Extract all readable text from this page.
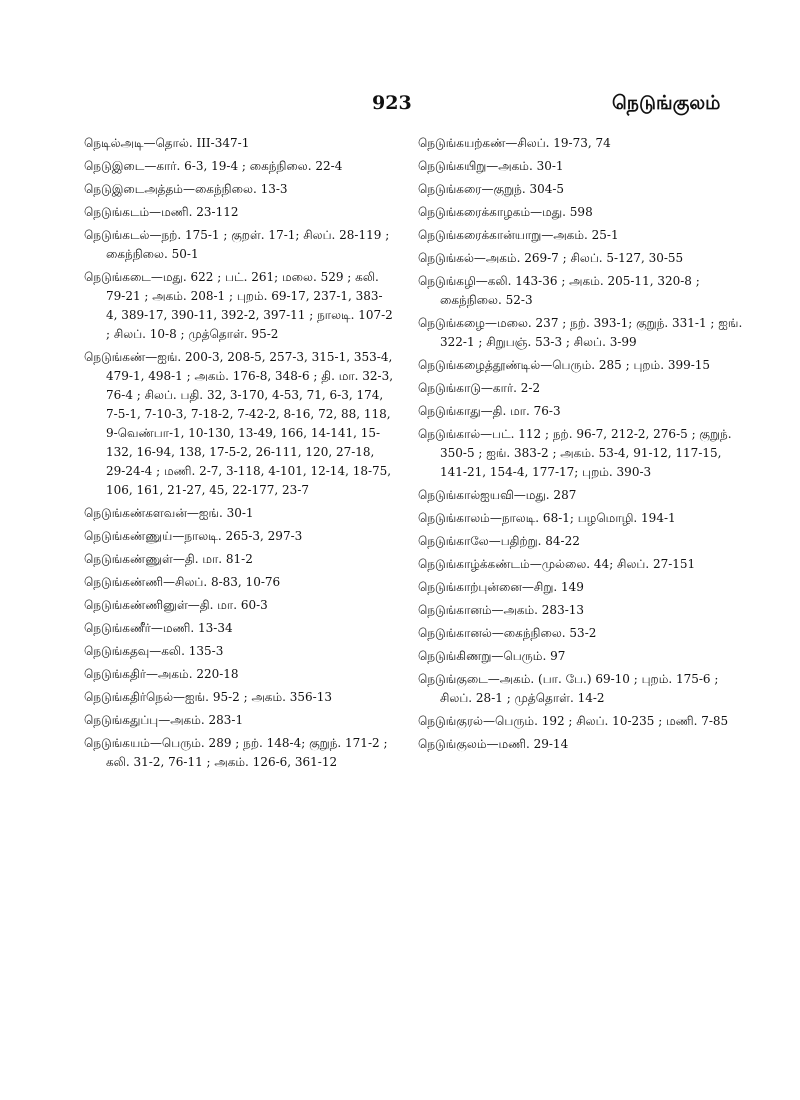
923	நெடுங்குலம்
நெடில்அடி—தொல். III-347-1
நெடுஇடை—கார். 6-3, 19-4 ; கைந்நிலை. 22-4
நெடுஇடைஅத்தம்—கைந்நிலை. 13-3
நெடுங்கடம்—மணி. 23-112
நெடுங்கடல்—நற். 175-1 ; குறள். 17-1; சிலப். 28-119 ; கைந்நிலை. 50-1
நெடுங்கடை—மது. 622 ; பட். 261; மலை. 529 ; கலி. 79-21 ; அகம். 208-1 ; புறம். 69-17, 237-1, 383-4, 389-17, 390-11, 392-2, 397-11 ; நாலடி. 107-2 ; சிலப். 10-8 ; முத்தொள். 95-2
நெடுங்கண்—ஐங். 200-3, 208-5, 257-3, 315-1, 353-4, 479-1, 498-1 ; அகம். 176-8, 348-6 ; தி. மா. 32-3, 76-4 ; சிலப். பதி. 32, 3-170, 4-53, 71, 6-3, 174, 7-5-1, 7-10-3, 7-18-2, 7-42-2, 8-16, 72, 88, 118, 9-வெண்பா-1, 10-130, 13-49, 166, 14-141, 15-132, 16-94, 138, 17-5-2, 26-111, 120, 27-18, 29-24-4 ; மணி. 2-7, 3-118, 4-101, 12-14, 18-75, 106, 161, 21-27, 45, 22-177, 23-7
நெடுங்கண்களவன்—ஐங். 30-1
நெடுங்கண்ணுய்—நாலடி. 265-3, 297-3
நெடுங்கண்ணுள்—தி. மா. 81-2
நெடுங்கண்ணி—சிலப். 8-83, 10-76
நெடுங்கண்ணினுள்—தி. மா. 60-3
நெடுங்கணீர்—மணி. 13-34
நெடுங்கதவு—கலி. 135-3
நெடுங்கதிர்—அகம். 220-18
நெடுங்கதிர்நெல்—ஐங். 95-2 ; அகம். 356-13
நெடுங்கதுப்பு—அகம். 283-1
நெடுங்கயம்—பெரும். 289 ; நற். 148-4; குறுந். 171-2 ; கலி. 31-2, 76-11 ; அகம். 126-6, 361-12
நெடுங்கயற்கண்—சிலப். 19-73, 74
நெடுங்கயிறு—அகம். 30-1
நெடுங்கரை—குறுந். 304-5
நெடுங்கரைக்காழகம்—மது. 598
நெடுங்கரைக்கான்யாறு—அகம். 25-1
நெடுங்கல்—அகம். 269-7 ; சிலப். 5-127, 30-55
நெடுங்கழி—கலி. 143-36 ; அகம். 205-11, 320-8 ; கைந்நிலை. 52-3
நெடுங்கழை—மலை. 237 ; நற். 393-1; குறுந். 331-1 ; ஐங். 322-1 ; சிறுபஞ். 53-3 ; சிலப். 3-99
நெடுங்கழைத்தூண்டில்—பெரும். 285 ; புறம். 399-15
நெடுங்காடு—கார். 2-2
நெடுங்காது—தி. மா. 76-3
நெடுங்கால்—பட். 112 ; நற். 96-7, 212-2, 276-5 ; குறுந். 350-5 ; ஐங். 383-2 ; அகம். 53-4, 91-12, 117-15, 141-21, 154-4, 177-17; புறம். 390-3
நெடுங்கால்ஐயவி—மது. 287
நெடுங்காலம்—நாலடி. 68-1; பழமொழி. 194-1
நெடுங்காலே—பதிற்று. 84-22
நெடுங்காழ்க்கண்டம்—முல்லை. 44; சிலப். 27-151
நெடுங்காற்புன்னை—சிறு. 149
நெடுங்கானம்—அகம். 283-13
நெடுங்கானல்—கைந்நிலை. 53-2
நெடுங்கிணறு—பெரும். 97
நெடுங்குடை—அகம். (பா. பே.) 69-10 ; புறம். 175-6 ; சிலப். 28-1 ; முத்தொள். 14-2
நெடுங்குரல்—பெரும். 192 ; சிலப். 10-235 ; மணி. 7-85
நெடுங்குலம்—மணி. 29-14
